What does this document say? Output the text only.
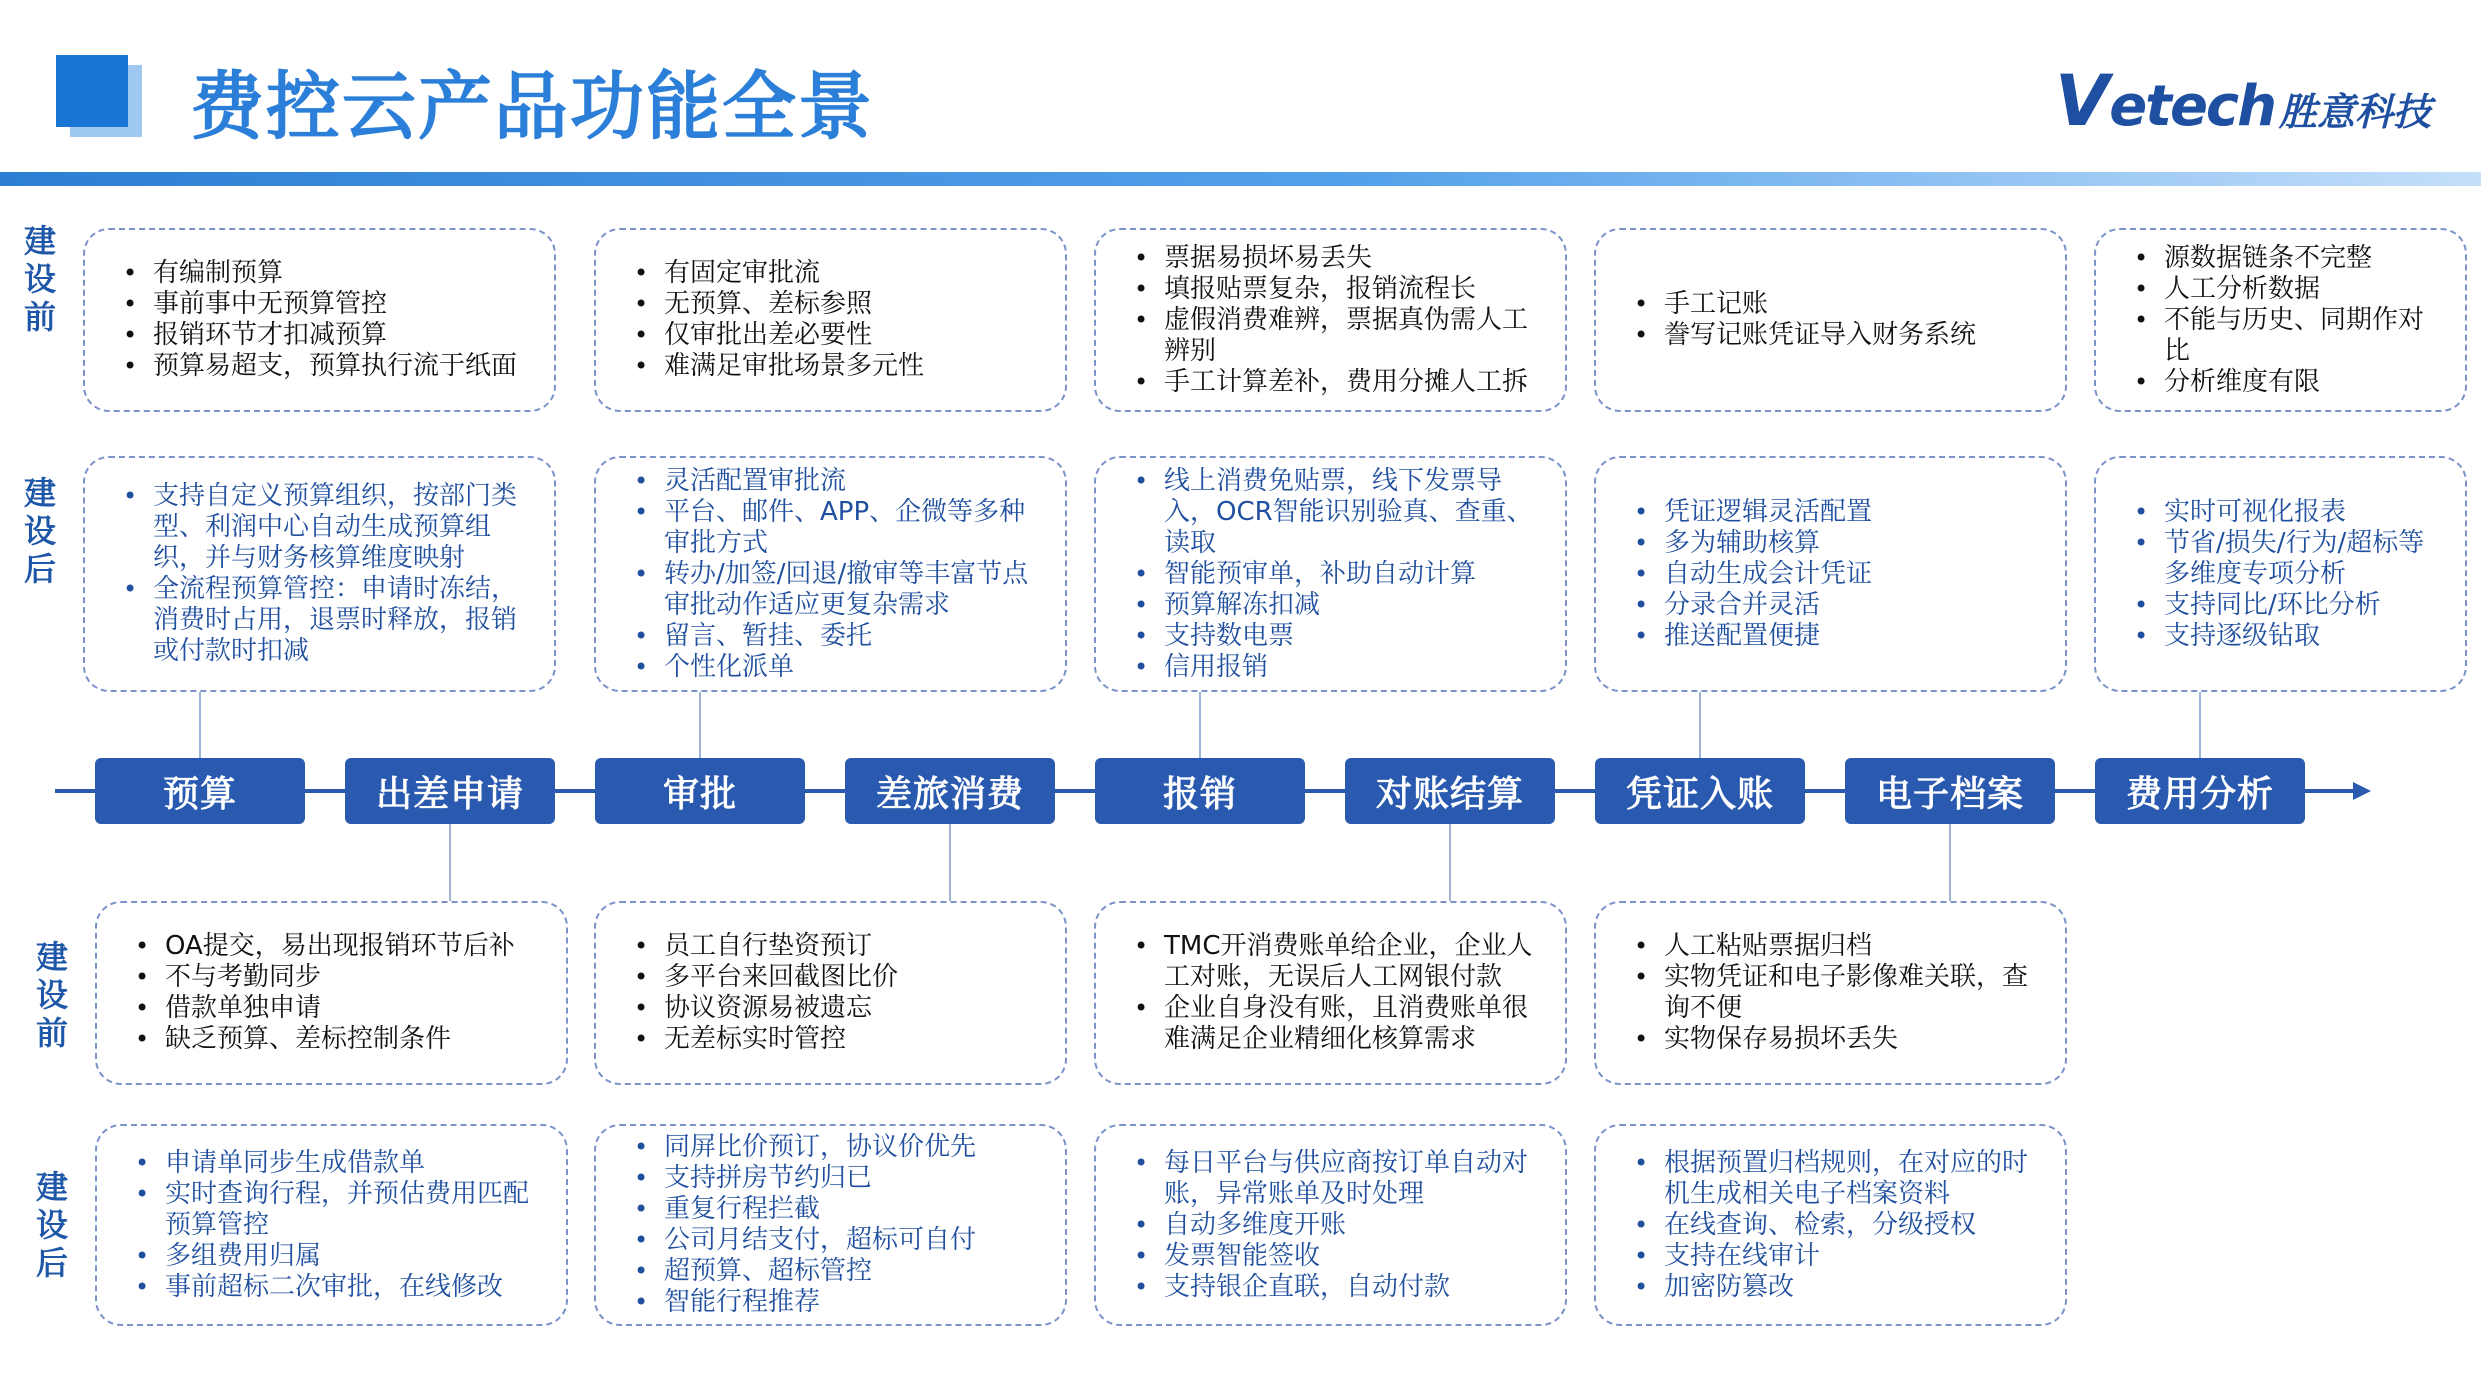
费控云产品功能全景	Vetech 胜意科技
建
设
前
建
设
后
建
设
前
建
设
后
• 有编制预算
• 事前事中无预算管控
• 报销环节才扣减预算
• 预算易超支，预算执行流于纸面
• 有固定审批流
• 无预算、差标参照
• 仅审批出差必要性
• 难满足审批场景多元性
• 票据易损坏易丢失
• 填报贴票复杂，报销流程长
• 虚假消费难辨，票据真伪需人工辨别
• 手工计算差补，费用分摊人工拆
• 手工记账
• 誊写记账凭证导入财务系统
• 源数据链条不完整
• 人工分析数据
• 不能与历史、同期作对比
• 分析维度有限
• 支持自定义预算组织，按部门类型、利润中心自动生成预算组织，并与财务核算维度映射
• 全流程预算管控：申请时冻结，消费时占用，退票时释放，报销或付款时扣减
• 灵活配置审批流
• 平台、邮件、APP、企微等多种审批方式
• 转办/加签/回退/撤审等丰富节点审批动作适应更复杂需求
• 留言、暂挂、委托
• 个性化派单
• 线上消费免贴票，线下发票导入，OCR智能识别验真、查重、读取
• 智能预审单，补助自动计算
• 预算解冻扣减
• 支持数电票
• 信用报销
• 凭证逻辑灵活配置
• 多为辅助核算
• 自动生成会计凭证
• 分录合并灵活
• 推送配置便捷
• 实时可视化报表
• 节省/损失/行为/超标等多维度专项分析
• 支持同比/环比分析
• 支持逐级钻取
预算	出差申请	审批	差旅消费	报销	对账结算	凭证入账	电子档案	费用分析
• OA提交，易出现报销环节后补
• 不与考勤同步
• 借款单独申请
• 缺乏预算、差标控制条件
• 员工自行垫资预订
• 多平台来回截图比价
• 协议资源易被遗忘
• 无差标实时管控
• TMC开消费账单给企业，企业人工对账，无误后人工网银付款
• 企业自身没有账，且消费账单很难满足企业精细化核算需求
• 人工粘贴票据归档
• 实物凭证和电子影像难关联，查询不便
• 实物保存易损坏丢失
• 申请单同步生成借款单
• 实时查询行程，并预估费用匹配预算管控
• 多组费用归属
• 事前超标二次审批，在线修改
• 同屏比价预订，协议价优先
• 支持拼房节约归已
• 重复行程拦截
• 公司月结支付，超标可自付
• 超预算、超标管控
• 智能行程推荐
• 每日平台与供应商按订单自动对账，异常账单及时处理
• 自动多维度开账
• 发票智能签收
• 支持银企直联，自动付款
• 根据预置归档规则，在对应的时机生成相关电子档案资料
• 在线查询、检索，分级授权
• 支持在线审计
• 加密防篡改
